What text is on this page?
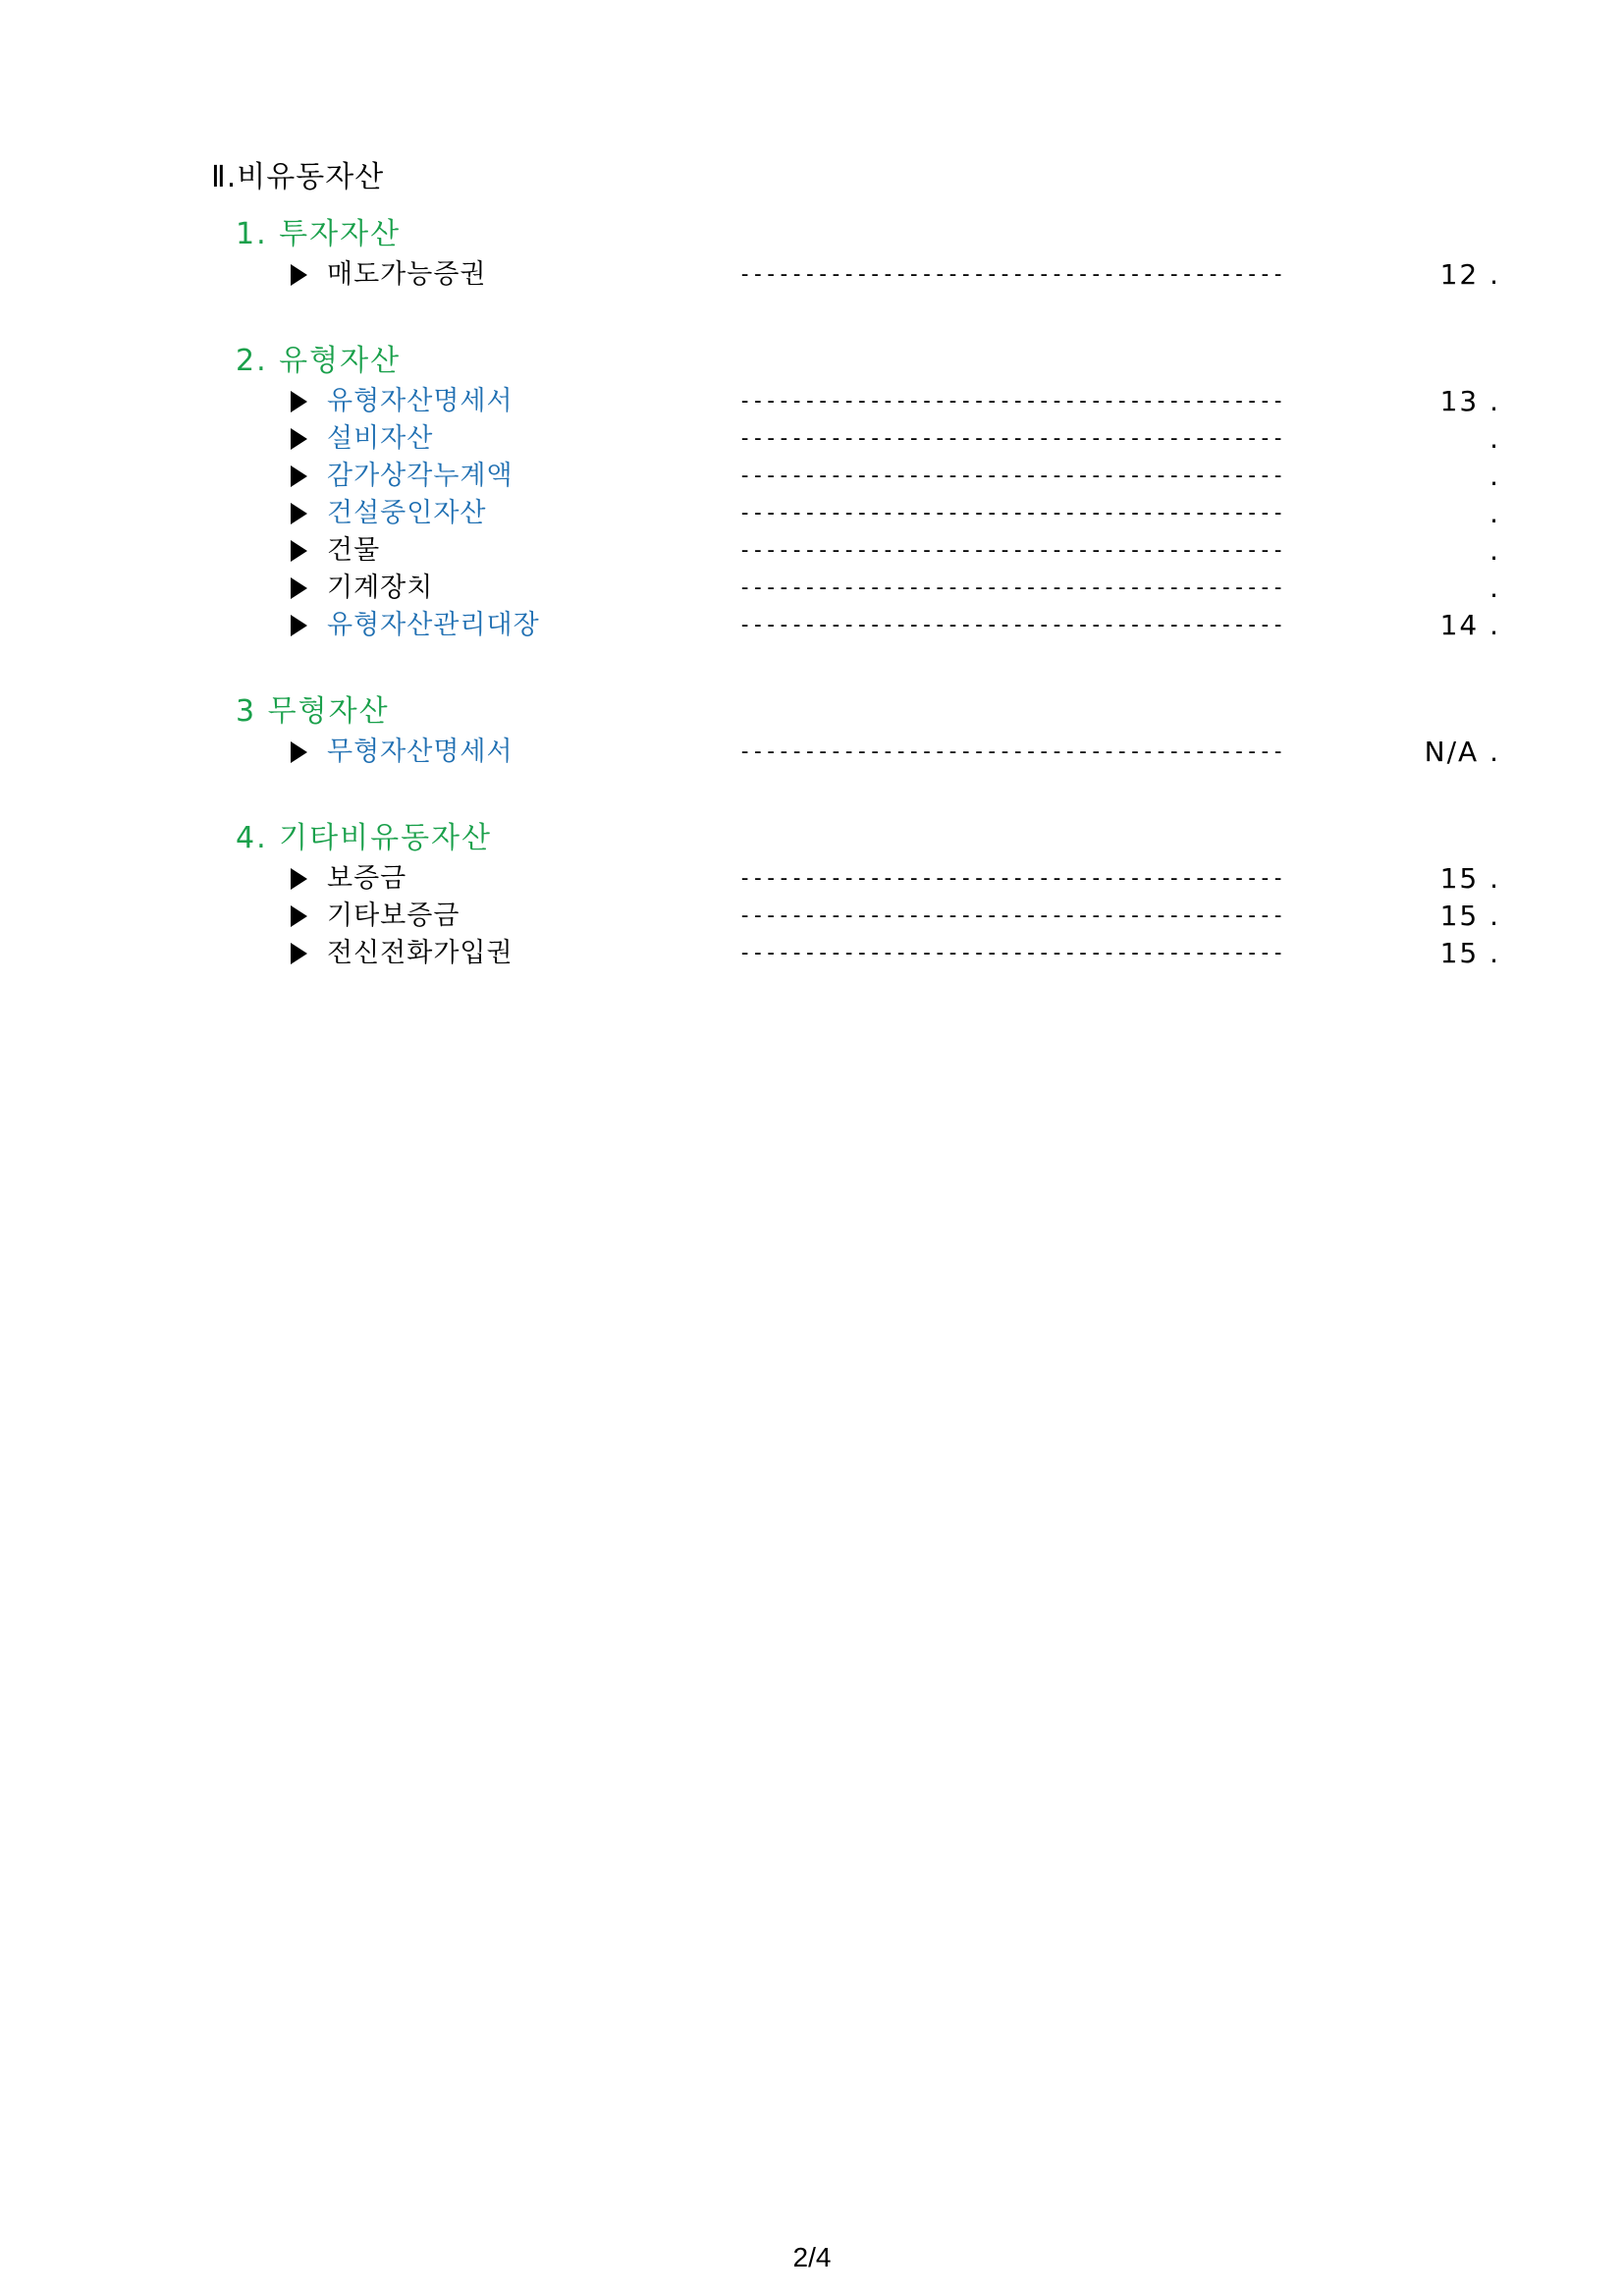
Ⅱ.비유동자산
1. 투자자산
매도가능증권	------------------------------------------	12 .
2. 유형자산
유형자산명세서	------------------------------------------	13 .
설비자산	------------------------------------------	.
감가상각누계액	------------------------------------------	.
건설중인자산	------------------------------------------	.
건물	------------------------------------------	.
기계장치	------------------------------------------	.
유형자산관리대장	------------------------------------------	14 .
3 무형자산
무형자산명세서	------------------------------------------	N/A .
4. 기타비유동자산
보증금	------------------------------------------	15 .
기타보증금	------------------------------------------	15 .
전신전화가입권	------------------------------------------	15 .
2/4
